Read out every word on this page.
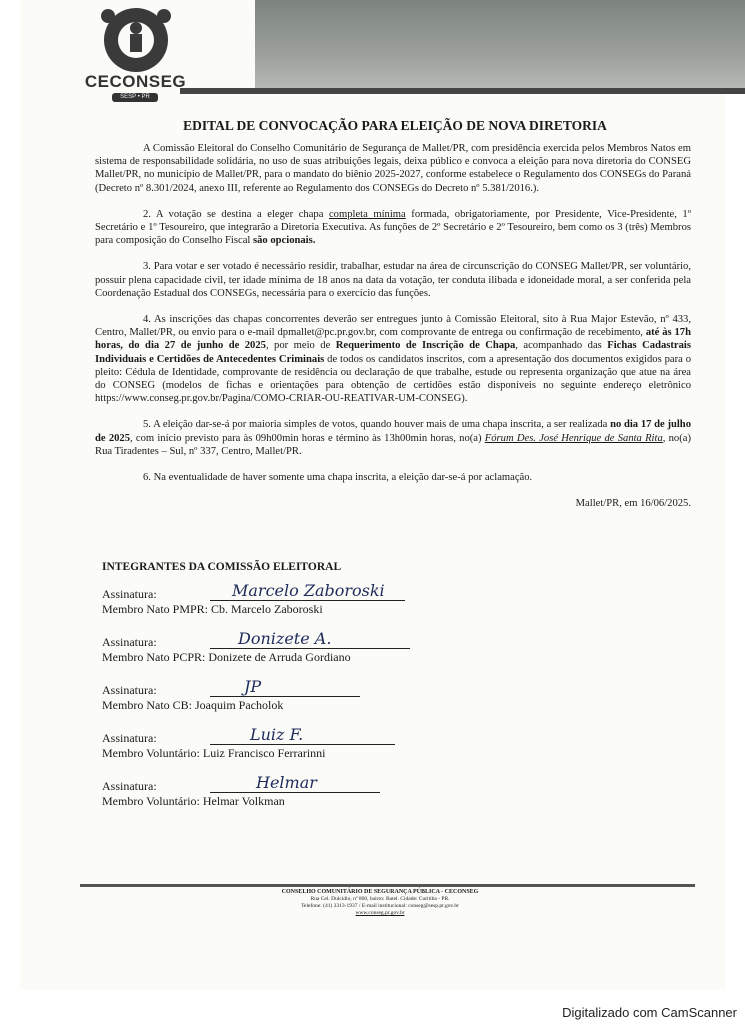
CECONSEG
SESP • PR
EDITAL DE CONVOCAÇÃO PARA ELEIÇÃO DE NOVA DIRETORIA

A Comissão Eleitoral do Conselho Comunitário de Segurança de Mallet/PR, com presidência exercida pelos Membros Natos em sistema de responsabilidade solidária, no uso de suas atribuições legais, deixa público e convoca a eleição para nova diretoria do CONSEG Mallet/PR, no município de Mallet/PR, para o mandato do biênio 2025-2027, conforme estabelece o Regulamento dos CONSEGs do Paraná (Decreto nº 8.301/2024, anexo III, referente ao Regulamento dos CONSEGs do Decreto nº 5.381/2016.).

2. A votação se destina a eleger chapa completa mínima formada, obrigatoriamente, por Presidente, Vice-Presidente, 1º Secretário e 1º Tesoureiro, que integrarão a Diretoria Executiva. As funções de 2º Secretário e 2º Tesoureiro, bem como os 3 (três) Membros para composição do Conselho Fiscal são opcionais.

3. Para votar e ser votado é necessário residir, trabalhar, estudar na área de circunscrição do CONSEG Mallet/PR, ser voluntário, possuir plena capacidade civil, ter idade mínima de 18 anos na data da votação, ter conduta ilibada e idoneidade moral, a ser conferida pela Coordenação Estadual dos CONSEGs, necessária para o exercício das funções.

4. As inscrições das chapas concorrentes deverão ser entregues junto à Comissão Eleitoral, sito à Rua Major Estevão, nº 433, Centro, Mallet/PR, ou envio para o e-mail dpmallet@pc.pr.gov.br, com comprovante de entrega ou confirmação de recebimento, até às 17h horas, do dia 27 de junho de 2025, por meio de Requerimento de Inscrição de Chapa, acompanhado das Fichas Cadastrais Individuais e Certidões de Antecedentes Criminais de todos os candidatos inscritos, com a apresentação dos documentos exigidos para o pleito: Cédula de Identidade, comprovante de residência ou declaração de que trabalhe, estude ou representa organização que atue na área do CONSEG (modelos de fichas e orientações para obtenção de certidões estão disponíveis no seguinte endereço eletrônico https://www.conseg.pr.gov.br/Pagina/COMO-CRIAR-OU-REATIVAR-UM-CONSEG).

5. A eleição dar-se-á por maioria simples de votos, quando houver mais de uma chapa inscrita, a ser realizada no dia 17 de julho de 2025, com início previsto para às 09h00min horas e término às 13h00min horas, no(a) Fórum Des. José Henrique de Santa Rita, no(a) Rua Tiradentes – Sul, nº 337, Centro, Mallet/PR.

6. Na eventualidade de haver somente uma chapa inscrita, a eleição dar-se-á por aclamação.

Mallet/PR, em 16/06/2025.

INTEGRANTES DA COMISSÃO ELEITORAL
Assinatura:	Marcelo Zaboroski
Membro Nato PMPR: Cb. Marcelo Zaboroski
Assinatura:	Donizete A.
Membro Nato PCPR: Donizete de Arruda Gordiano
Assinatura:	JP
Membro Nato CB: Joaquim Pacholok
Assinatura:	Luiz F.
Membro Voluntário: Luiz Francisco Ferrarinni
Assinatura:	Helmar
Membro Voluntário: Helmar Volkman
CONSELHO COMUNITÁRIO DE SEGURANÇA PÚBLICA - CECONSEG
Rua Cel. Dulcídio, nº 800, bairro: Batel. Cidade: Curitiba - PR.
Telefone: (41) 3313-1937 / E-mail institucional: conseg@sesp.pr.gov.br
www.conseg.pr.gov.br
Digitalizado com CamScanner
